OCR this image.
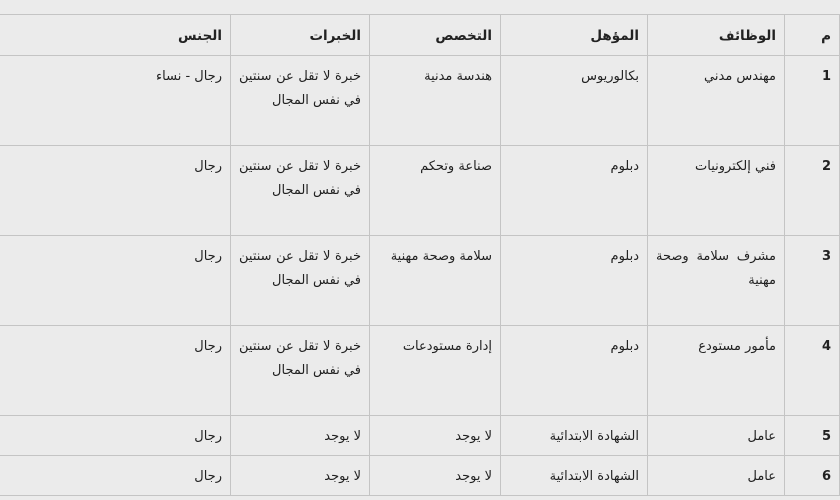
م	الوظائف	المؤهل	التخصص	الخبرات	الجنس
1	مهندس مدني	بكالوريوس	هندسة مدنية	خبرة لا تقل عن سنتين في نفس المجال	رجال - نساء
2	فني إلكترونيات	دبلوم	صناعة وتحكم	خبرة لا تقل عن سنتين في نفس المجال	رجال
3	مشرف سلامة وصحة مهنية	دبلوم	سلامة وصحة مهنية	خبرة لا تقل عن سنتين في نفس المجال	رجال
4	مأمور مستودع	دبلوم	إدارة مستودعات	خبرة لا تقل عن سنتين في نفس المجال	رجال
5	عامل	الشهادة الابتدائية	لا يوجد	لا يوجد	رجال
6	عامل	الشهادة الابتدائية	لا يوجد	لا يوجد	رجال
